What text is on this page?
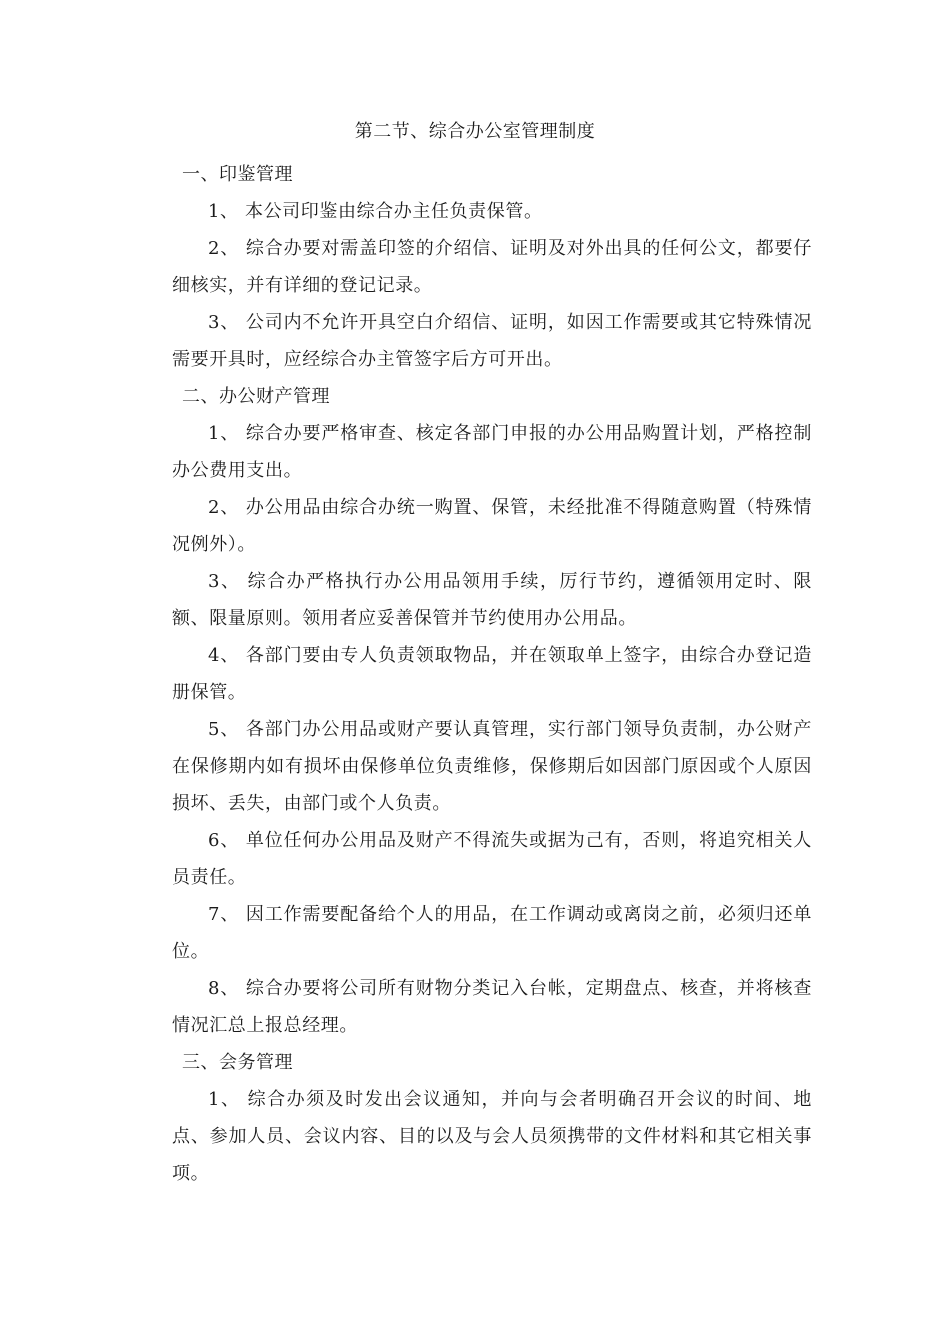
第二节、综合办公室管理制度

一、印鉴管理

1、 本公司印鉴由综合办主任负责保管。

2、 综合办要对需盖印签的介绍信、证明及对外出具的任何公文，都要仔细核实，并有详细的登记记录。

3、 公司内不允许开具空白介绍信、证明，如因工作需要或其它特殊情况需要开具时，应经综合办主管签字后方可开出。

二、办公财产管理

1、 综合办要严格审查、核定各部门申报的办公用品购置计划，严格控制办公费用支出。

2、 办公用品由综合办统一购置、保管，未经批准不得随意购置（特殊情况例外）。

3、 综合办严格执行办公用品领用手续，厉行节约，遵循领用定时、限额、限量原则。领用者应妥善保管并节约使用办公用品。

4、 各部门要由专人负责领取物品，并在领取单上签字，由综合办登记造册保管。

5、 各部门办公用品或财产要认真管理，实行部门领导负责制，办公财产在保修期内如有损坏由保修单位负责维修，保修期后如因部门原因或个人原因损坏、丢失，由部门或个人负责。

6、 单位任何办公用品及财产不得流失或据为己有，否则，将追究相关人员责任。

7、 因工作需要配备给个人的用品，在工作调动或离岗之前，必须归还单位。

8、 综合办要将公司所有财物分类记入台帐，定期盘点、核查，并将核查情况汇总上报总经理。

三、会务管理

1、 综合办须及时发出会议通知，并向与会者明确召开会议的时间、地点、参加人员、会议内容、目的以及与会人员须携带的文件材料和其它相关事项。
